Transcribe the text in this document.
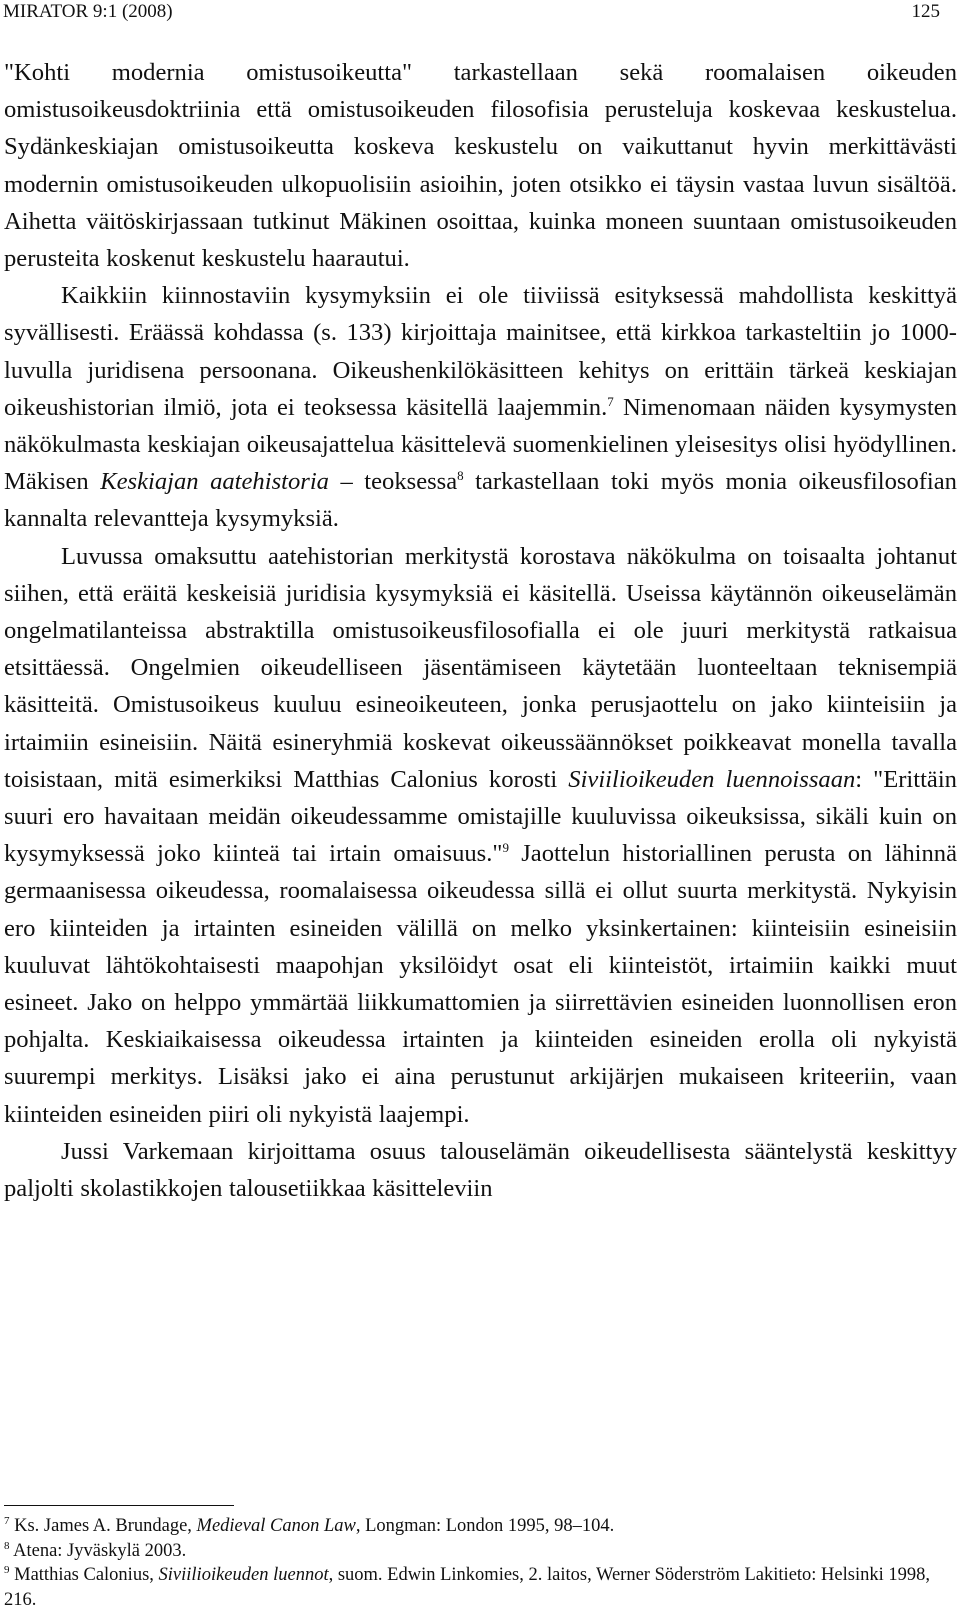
MIRATOR 9:1 (2008)	125

"Kohti modernia omistusoikeutta" tarkastellaan sekä roomalaisen oikeuden omistusoikeusdoktriinia että omistusoikeuden filosofisia perusteluja koskevaa keskustelua. Sydänkeskiajan omistusoikeutta koskeva keskustelu on vaikuttanut hyvin merkittävästi modernin omistusoikeuden ulkopuolisiin asioihin, joten otsikko ei täysin vastaa luvun sisältöä. Aihetta väitöskirjassaan tutkinut Mäkinen osoittaa, kuinka moneen suuntaan omistusoikeuden perusteita koskenut keskustelu haarautui.

Kaikkiin kiinnostaviin kysymyksiin ei ole tiiviissä esityksessä mahdollista keskittyä syvällisesti. Eräässä kohdassa (s. 133) kirjoittaja mainitsee, että kirkkoa tarkasteltiin jo 1000-luvulla juridisena persoonana. Oikeushenkilökäsitteen kehitys on erittäin tärkeä keskiajan oikeushistorian ilmiö, jota ei teoksessa käsitellä laajemmin.$^7$ Nimenomaan näiden kysymysten näkökulmasta keskiajan oikeusajattelua käsittelevä suomenkielinen yleisesitys olisi hyödyllinen. Mäkisen Keskiajan aatehistoria – teoksessa$^8$ tarkastellaan toki myös monia oikeusfilosofian kannalta relevantteja kysymyksiä.

Luvussa omaksuttu aatehistorian merkitystä korostava näkökulma on toisaalta johtanut siihen, että eräitä keskeisiä juridisia kysymyksiä ei käsitellä. Useissa käytännön oikeuselämän ongelmatilanteissa abstraktilla omistusoikeusfilosofialla ei ole juuri merkitystä ratkaisua etsittäessä. Ongelmien oikeudelliseen jäsentämiseen käytetään luonteeltaan teknisempiä käsitteitä. Omistusoikeus kuuluu esineoikeuteen, jonka perusjaottelu on jako kiinteisiin ja irtaimiin esineisiin. Näitä esineryhmiä koskevat oikeussäännökset poikkeavat monella tavalla toisistaan, mitä esimerkiksi Matthias Calonius korosti Siviilioikeuden luennoissaan: "Erittäin suuri ero havaitaan meidän oikeudessamme omistajille kuuluvissa oikeuksissa, sikäli kuin on kysymyksessä joko kiinteä tai irtain omaisuus."$^9$ Jaottelun historiallinen perusta on lähinnä germaanisessa oikeudessa, roomalaisessa oikeudessa sillä ei ollut suurta merkitystä. Nykyisin ero kiinteiden ja irtainten esineiden välillä on melko yksinkertainen: kiinteisiin esineisiin kuuluvat lähtökohtaisesti maapohjan yksilöidyt osat eli kiinteistöt, irtaimiin kaikki muut esineet. Jako on helppo ymmärtää liikkumattomien ja siirrettävien esineiden luonnollisen eron pohjalta. Keskiaikaisessa oikeudessa irtainten ja kiinteiden esineiden erolla oli nykyistä suurempi merkitys. Lisäksi jako ei aina perustunut arkijärjen mukaiseen kriteeriin, vaan kiinteiden esineiden piiri oli nykyistä laajempi.

Jussi Varkemaan kirjoittama osuus talouselämän oikeudellisesta sääntelystä keskittyy paljolti skolastikkojen talousetiikkaa käsitteleviin

$^7$ Ks. James A. Brundage, Medieval Canon Law, Longman: London 1995, 98–104.

$^8$ Atena: Jyväskylä 2003.

$^9$ Matthias Calonius, Siviilioikeuden luennot, suom. Edwin Linkomies, 2. laitos, Werner Söderström Lakitieto: Helsinki 1998, 216.
